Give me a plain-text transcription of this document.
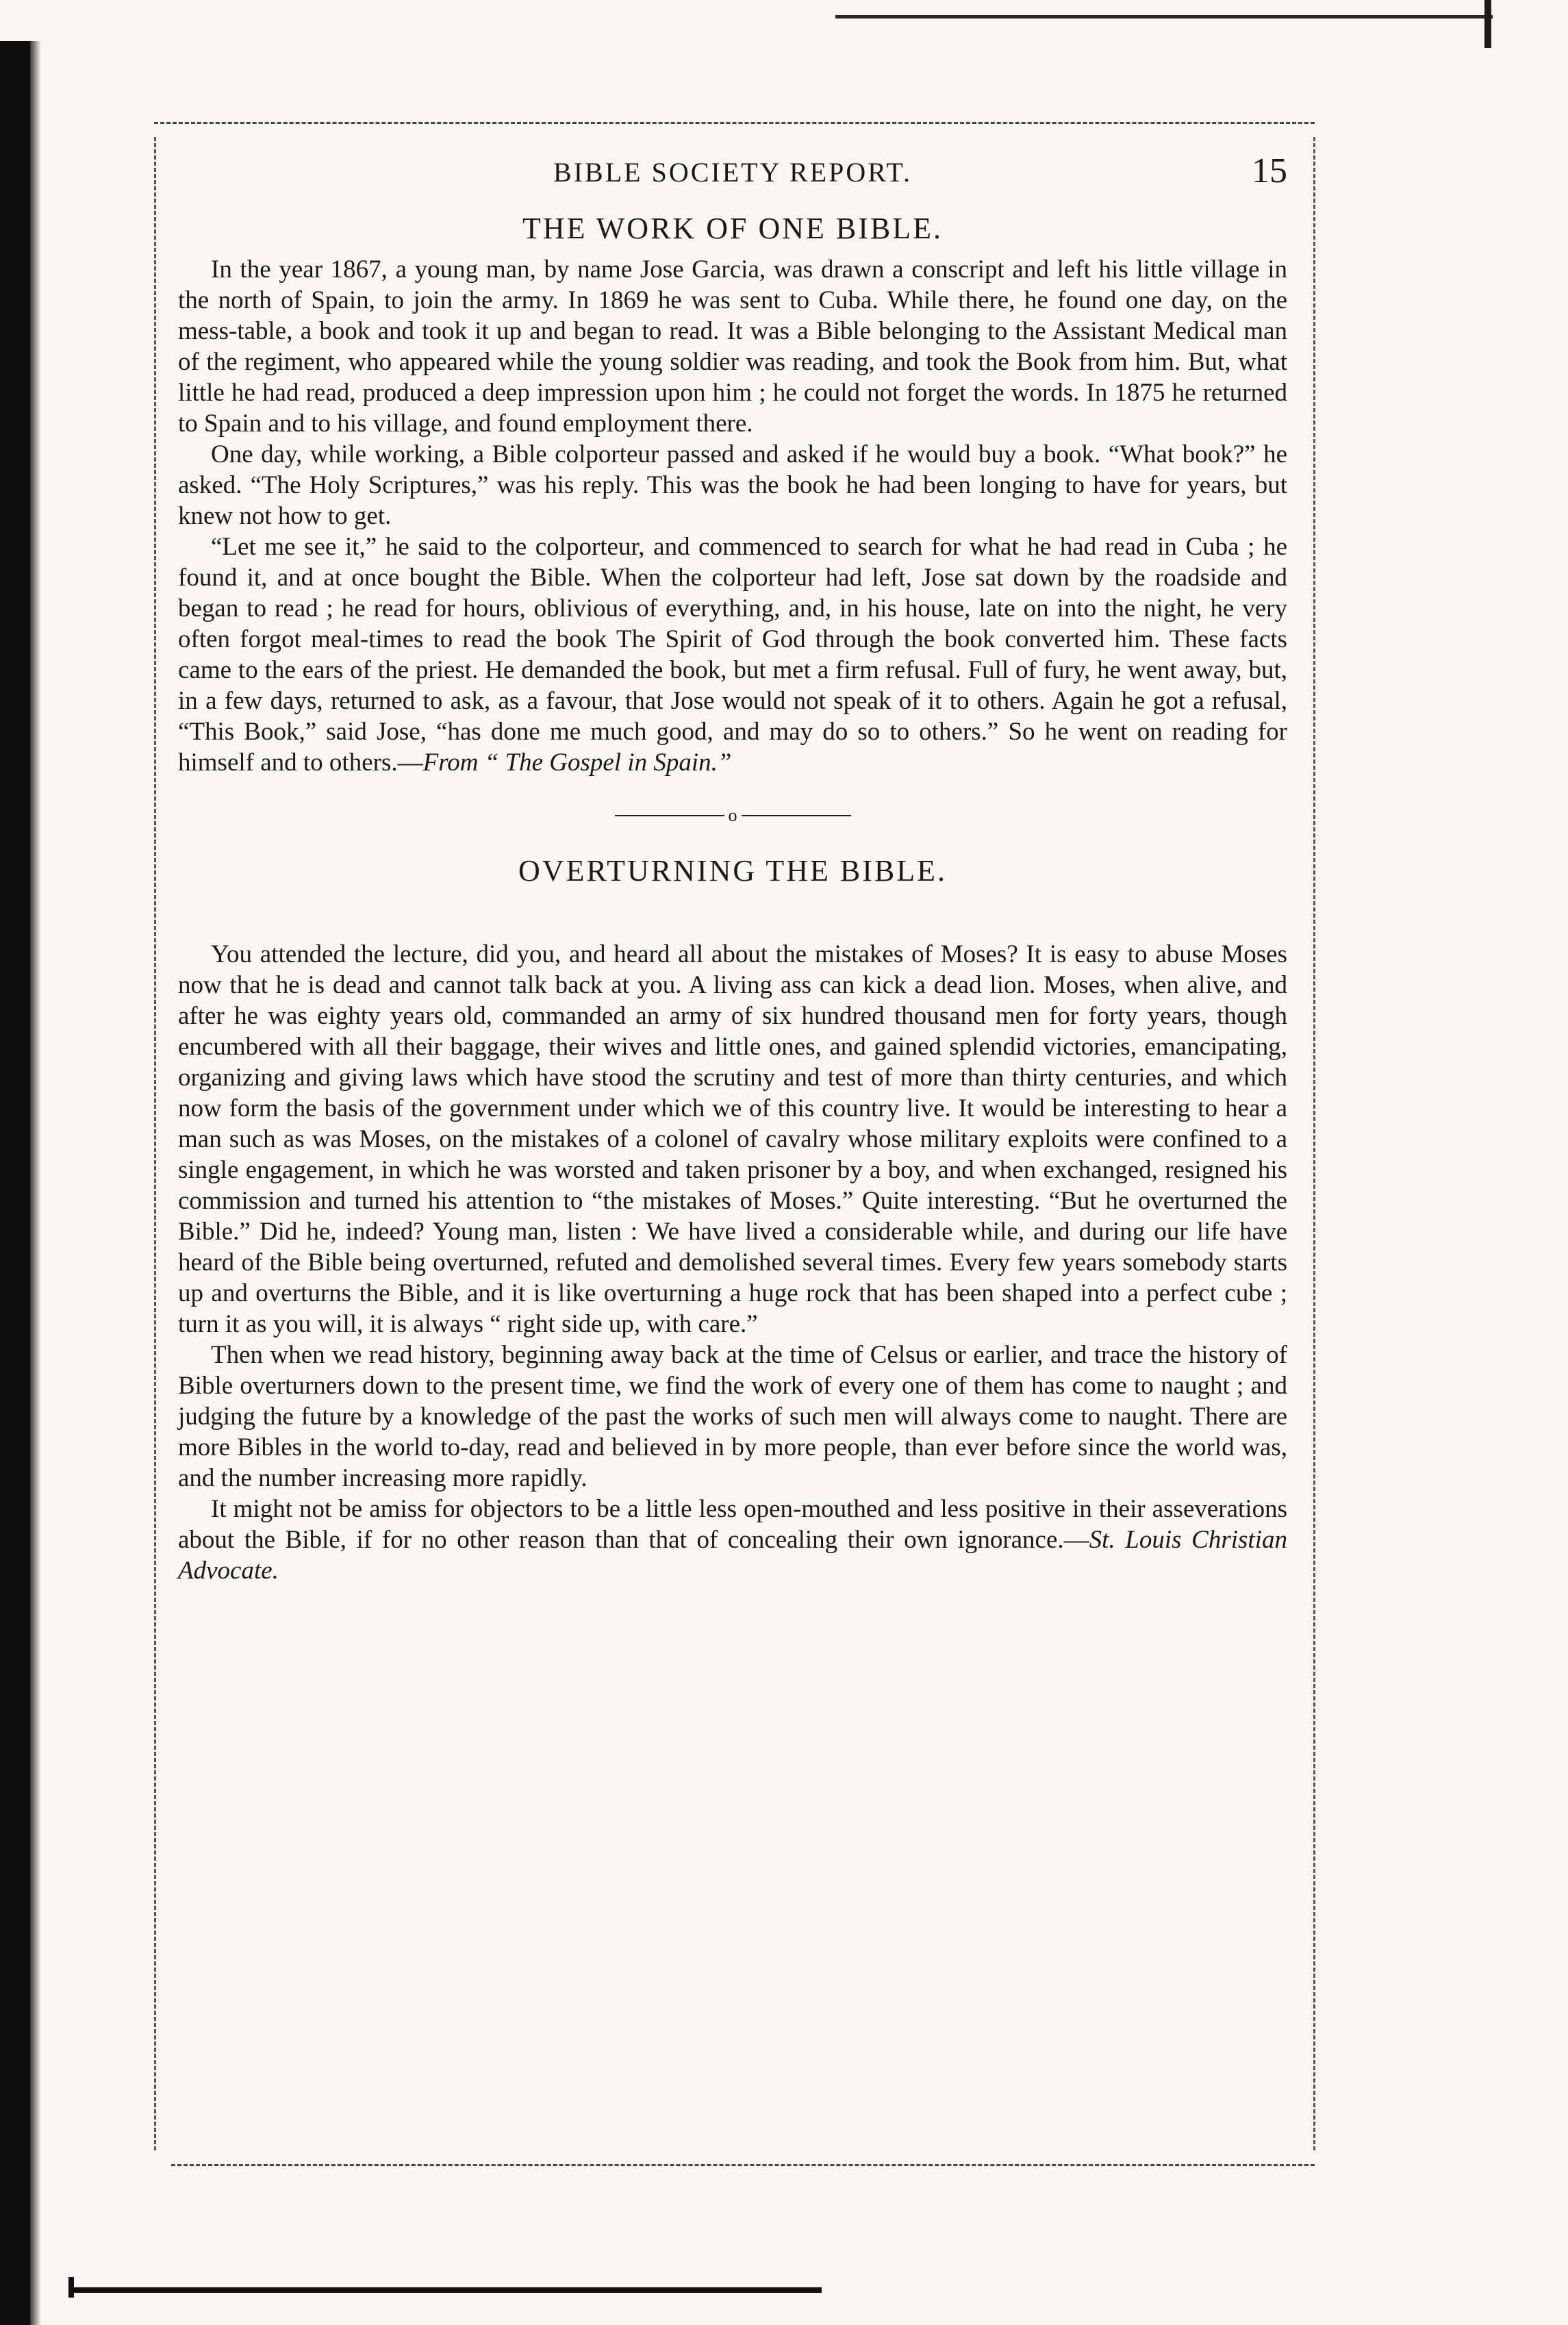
BIBLE SOCIETY REPORT.	15
THE WORK OF ONE BIBLE.

In the year 1867, a young man, by name Jose Garcia, was drawn a conscript and left his little village in the north of Spain, to join the army. In 1869 he was sent to Cuba. While there, he found one day, on the mess-table, a book and took it up and began to read. It was a Bible belonging to the Assistant Medical man of the regiment, who appeared while the young soldier was reading, and took the Book from him. But, what little he had read, produced a deep impression upon him ; he could not forget the words. In 1875 he returned to Spain and to his village, and found employment there.

One day, while working, a Bible colporteur passed and asked if he would buy a book. “What book?” he asked. “The Holy Scriptures,” was his reply. This was the book he had been longing to have for years, but knew not how to get.

“Let me see it,” he said to the colporteur, and commenced to search for what he had read in Cuba ; he found it, and at once bought the Bible. When the colporteur had left, Jose sat down by the roadside and began to read ; he read for hours, oblivious of everything, and, in his house, late on into the night, he very often forgot meal-times to read the book The Spirit of God through the book converted him. These facts came to the ears of the priest. He demanded the book, but met a firm refusal. Full of fury, he went away, but, in a few days, returned to ask, as a favour, that Jose would not speak of it to others. Again he got a refusal, “This Book,” said Jose, “has done me much good, and may do so to others.” So he went on reading for himself and to others.—From “ The Gospel in Spain.”

o
OVERTURNING THE BIBLE.

You attended the lecture, did you, and heard all about the mistakes of Moses? It is easy to abuse Moses now that he is dead and cannot talk back at you. A living ass can kick a dead lion. Moses, when alive, and after he was eighty years old, commanded an army of six hundred thousand men for forty years, though encumbered with all their baggage, their wives and little ones, and gained splendid victories, emancipating, organizing and giving laws which have stood the scrutiny and test of more than thirty centuries, and which now form the basis of the government under which we of this country live. It would be interesting to hear a man such as was Moses, on the mistakes of a colonel of cavalry whose military exploits were confined to a single engagement, in which he was worsted and taken prisoner by a boy, and when exchanged, resigned his commission and turned his attention to “the mistakes of Moses.” Quite interesting. “But he overturned the Bible.” Did he, indeed? Young man, listen : We have lived a considerable while, and during our life have heard of the Bible being overturned, refuted and demolished several times. Every few years somebody starts up and overturns the Bible, and it is like overturning a huge rock that has been shaped into a perfect cube ; turn it as you will, it is always “ right side up, with care.”

Then when we read history, beginning away back at the time of Celsus or earlier, and trace the history of Bible overturners down to the present time, we find the work of every one of them has come to naught ; and judging the future by a knowledge of the past the works of such men will always come to naught. There are more Bibles in the world to-day, read and believed in by more people, than ever before since the world was, and the number increasing more rapidly.

It might not be amiss for objectors to be a little less open-mouthed and less positive in their asseverations about the Bible, if for no other reason than that of concealing their own ignorance.—St. Louis Christian Advocate.
